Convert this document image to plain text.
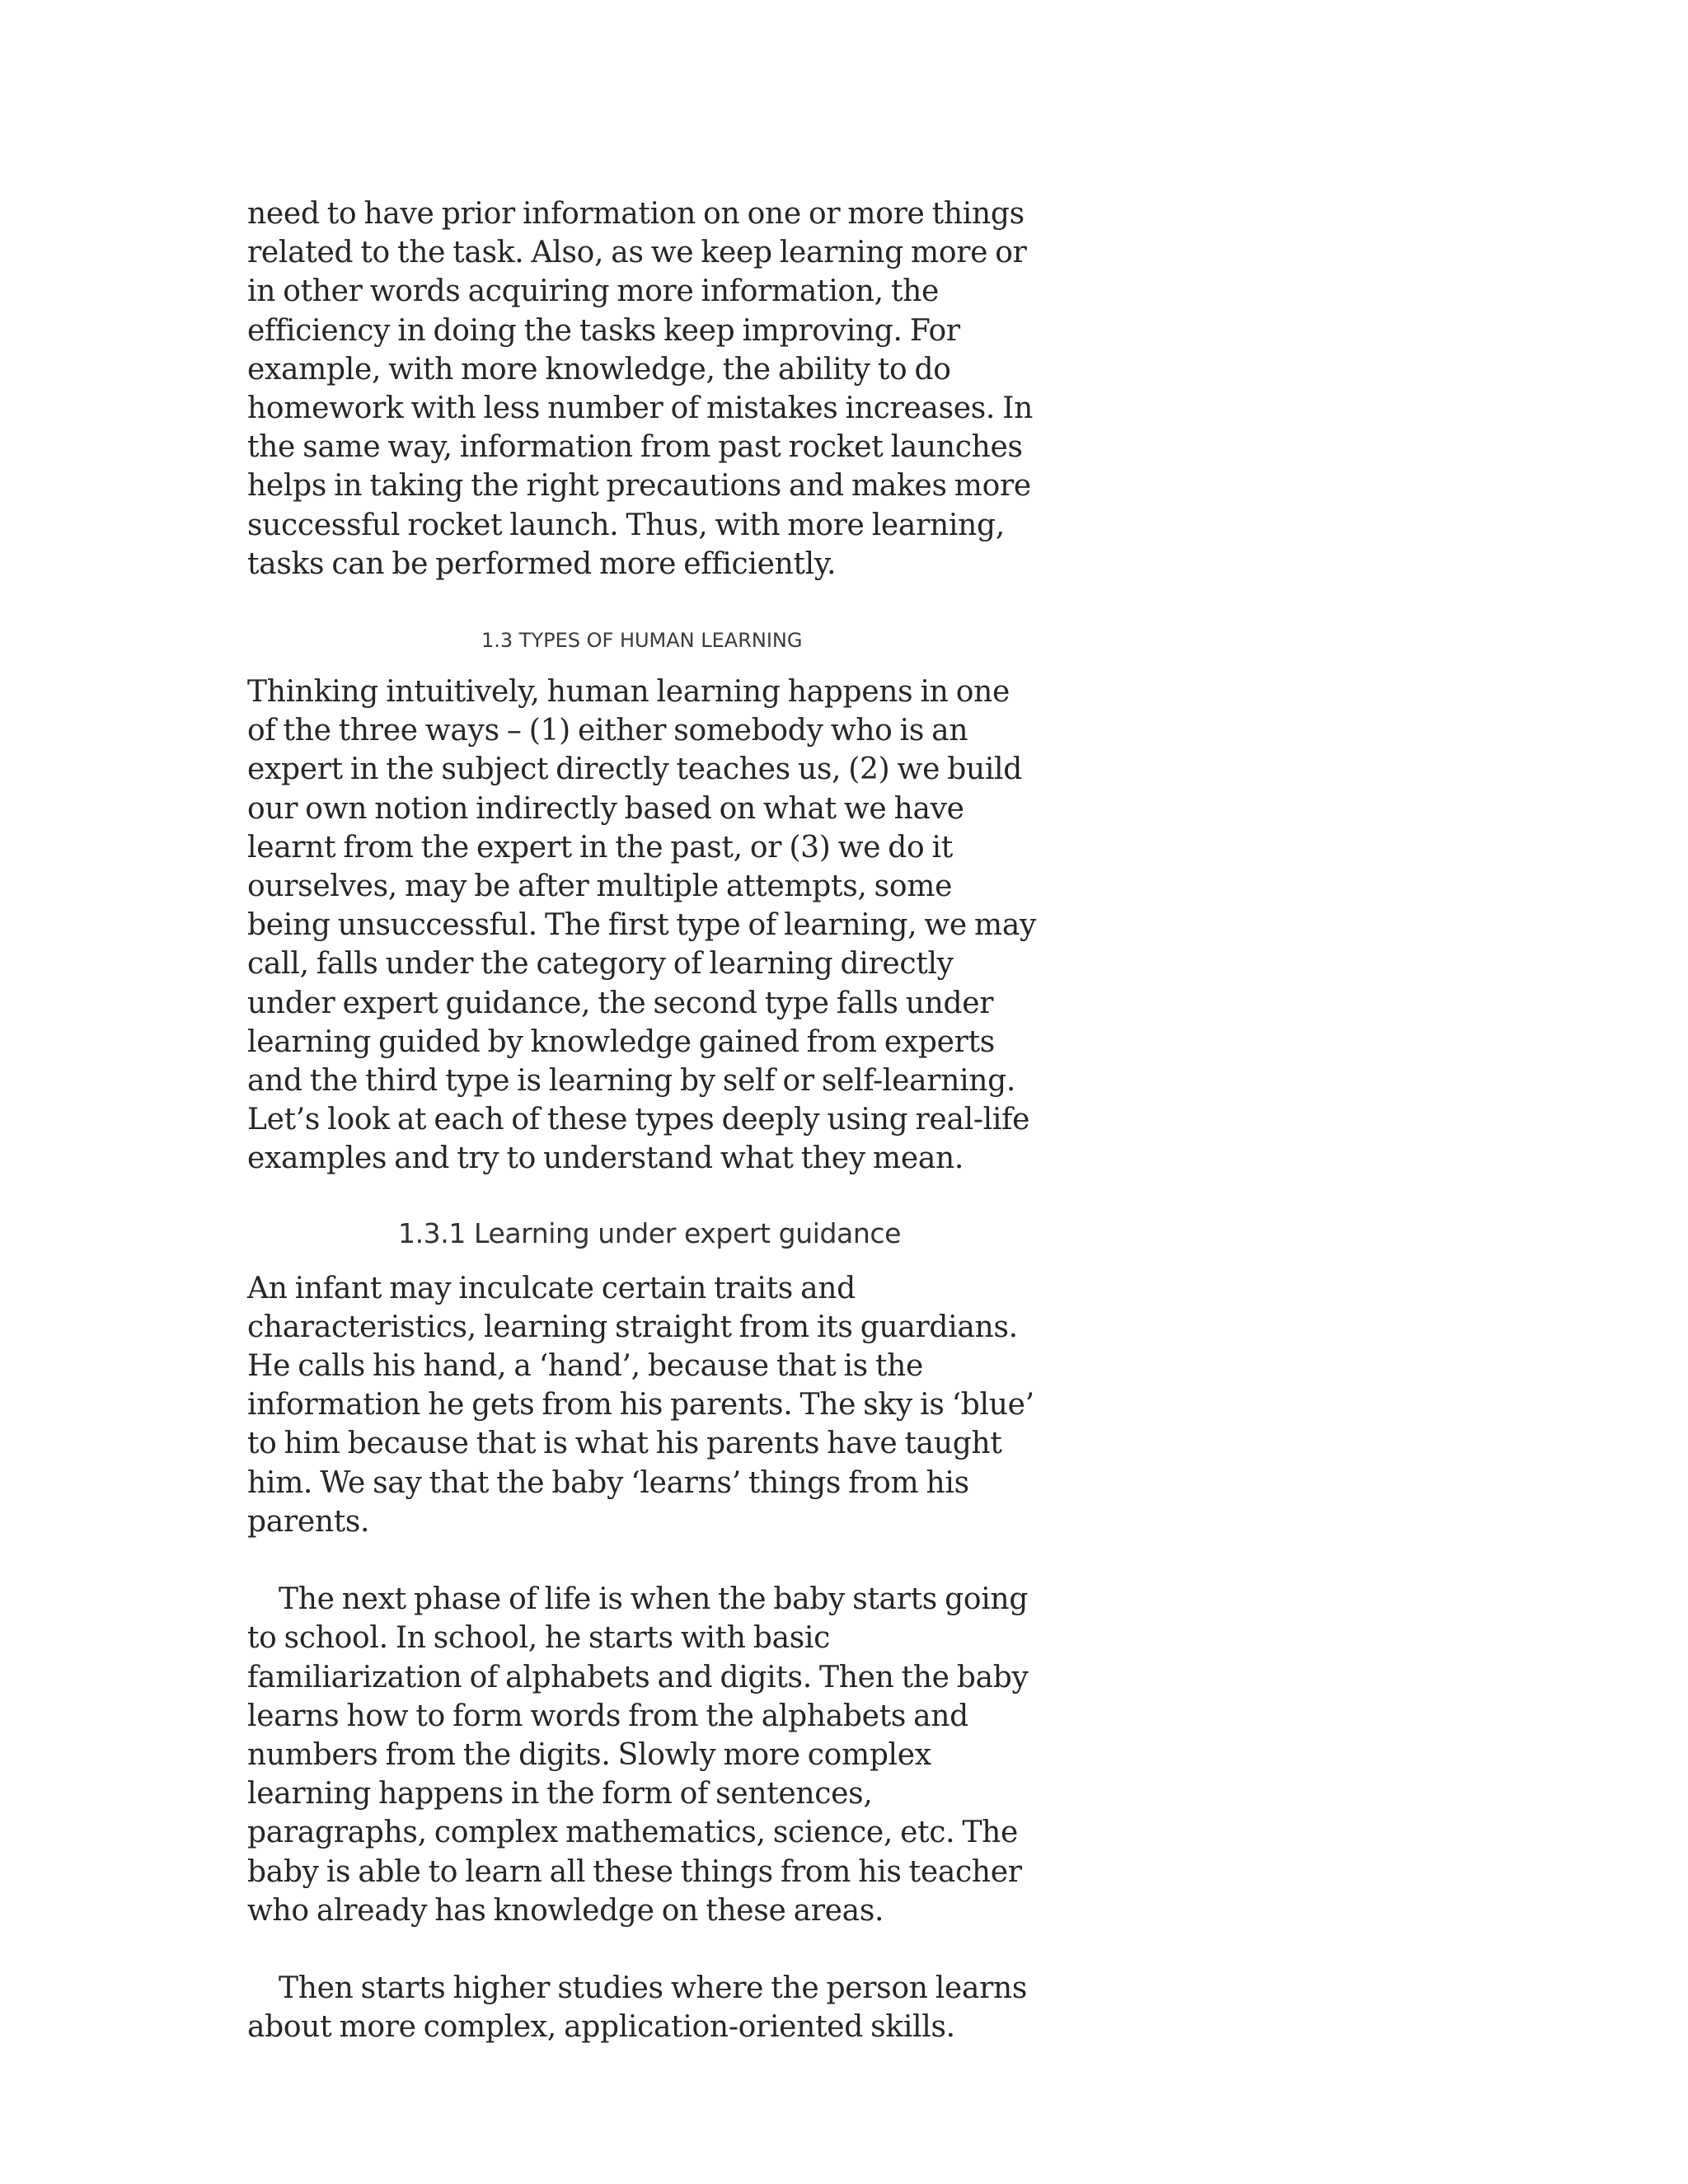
need to have prior information on one or more things related to the task. Also, as we keep learning more or in other words acquiring more information, the efficiency in doing the tasks keep improving. For example, with more knowledge, the ability to do homework with less number of mistakes increases. In the same way, information from past rocket launches helps in taking the right precautions and makes more successful rocket launch. Thus, with more learning, tasks can be performed more efficiently.

1.3 TYPES OF HUMAN LEARNING

Thinking intuitively, human learning happens in one of the three ways – (1) either somebody who is an expert in the subject directly teaches us, (2) we build our own notion indirectly based on what we have learnt from the expert in the past, or (3) we do it ourselves, may be after multiple attempts, some being unsuccessful. The first type of learning, we may call, falls under the category of learning directly under expert guidance, the second type falls under learning guided by knowledge gained from experts and the third type is learning by self or self-learning. Let’s look at each of these types deeply using real-life examples and try to understand what they mean.

1.3.1 Learning under expert guidance

An infant may inculcate certain traits and characteristics, learning straight from its guardians. He calls his hand, a ‘hand’, because that is the information he gets from his parents. The sky is ‘blue’ to him because that is what his parents have taught him. We say that the baby ‘learns’ things from his parents.

The next phase of life is when the baby starts going to school. In school, he starts with basic familiarization of alphabets and digits. Then the baby learns how to form words from the alphabets and numbers from the digits. Slowly more complex learning happens in the form of sentences, paragraphs, complex mathematics, science, etc. The baby is able to learn all these things from his teacher who already has knowledge on these areas.

Then starts higher studies where the person learns about more complex, application-oriented skills.
